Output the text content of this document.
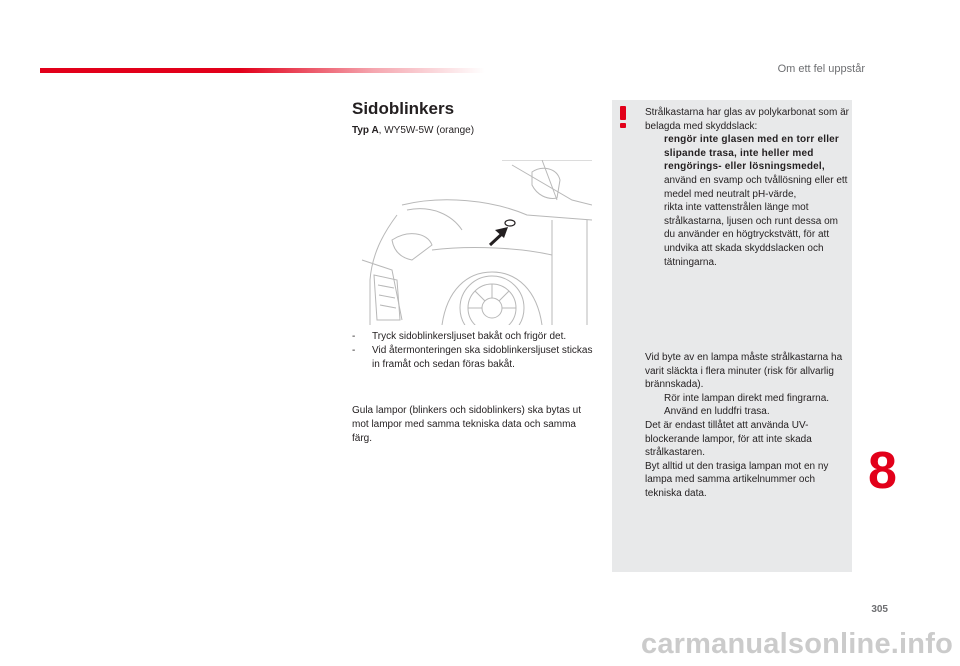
Om ett fel uppstår
Sidoblinkers
Typ A, WY5W-5W (orange)
- Tryck sidoblinkersljuset bakåt och frigör det.
- Vid återmonteringen ska sidoblinkersljuset stickas in framåt och sedan föras bakåt.

Gula lampor (blinkers och sidoblinkers) ska bytas ut mot lampor med samma tekniska data och samma färg.

Strålkastarna har glas av polykarbonat som är belagda med skyddslack:

rengör inte glasen med en torr eller slipande trasa, inte heller med rengörings- eller lösningsmedel,
använd en svamp och tvållösning eller ett medel med neutralt pH-värde,
rikta inte vattenstrålen länge mot strålkastarna, ljusen och runt dessa om du använder en högtryckstvätt, för att undvika att skada skyddslacken och tätningarna.

Vid byte av en lampa måste strålkastarna ha varit släckta i flera minuter (risk för allvarlig brännskada).

Rör inte lampan direkt med fingrarna. Använd en luddfri trasa.

Det är endast tillåtet att använda UV-blockerande lampor, för att inte skada strålkastaren.

Byt alltid ut den trasiga lampan mot en ny lampa med samma artikelnummer och tekniska data.	8
305
carmanualsonline.info
